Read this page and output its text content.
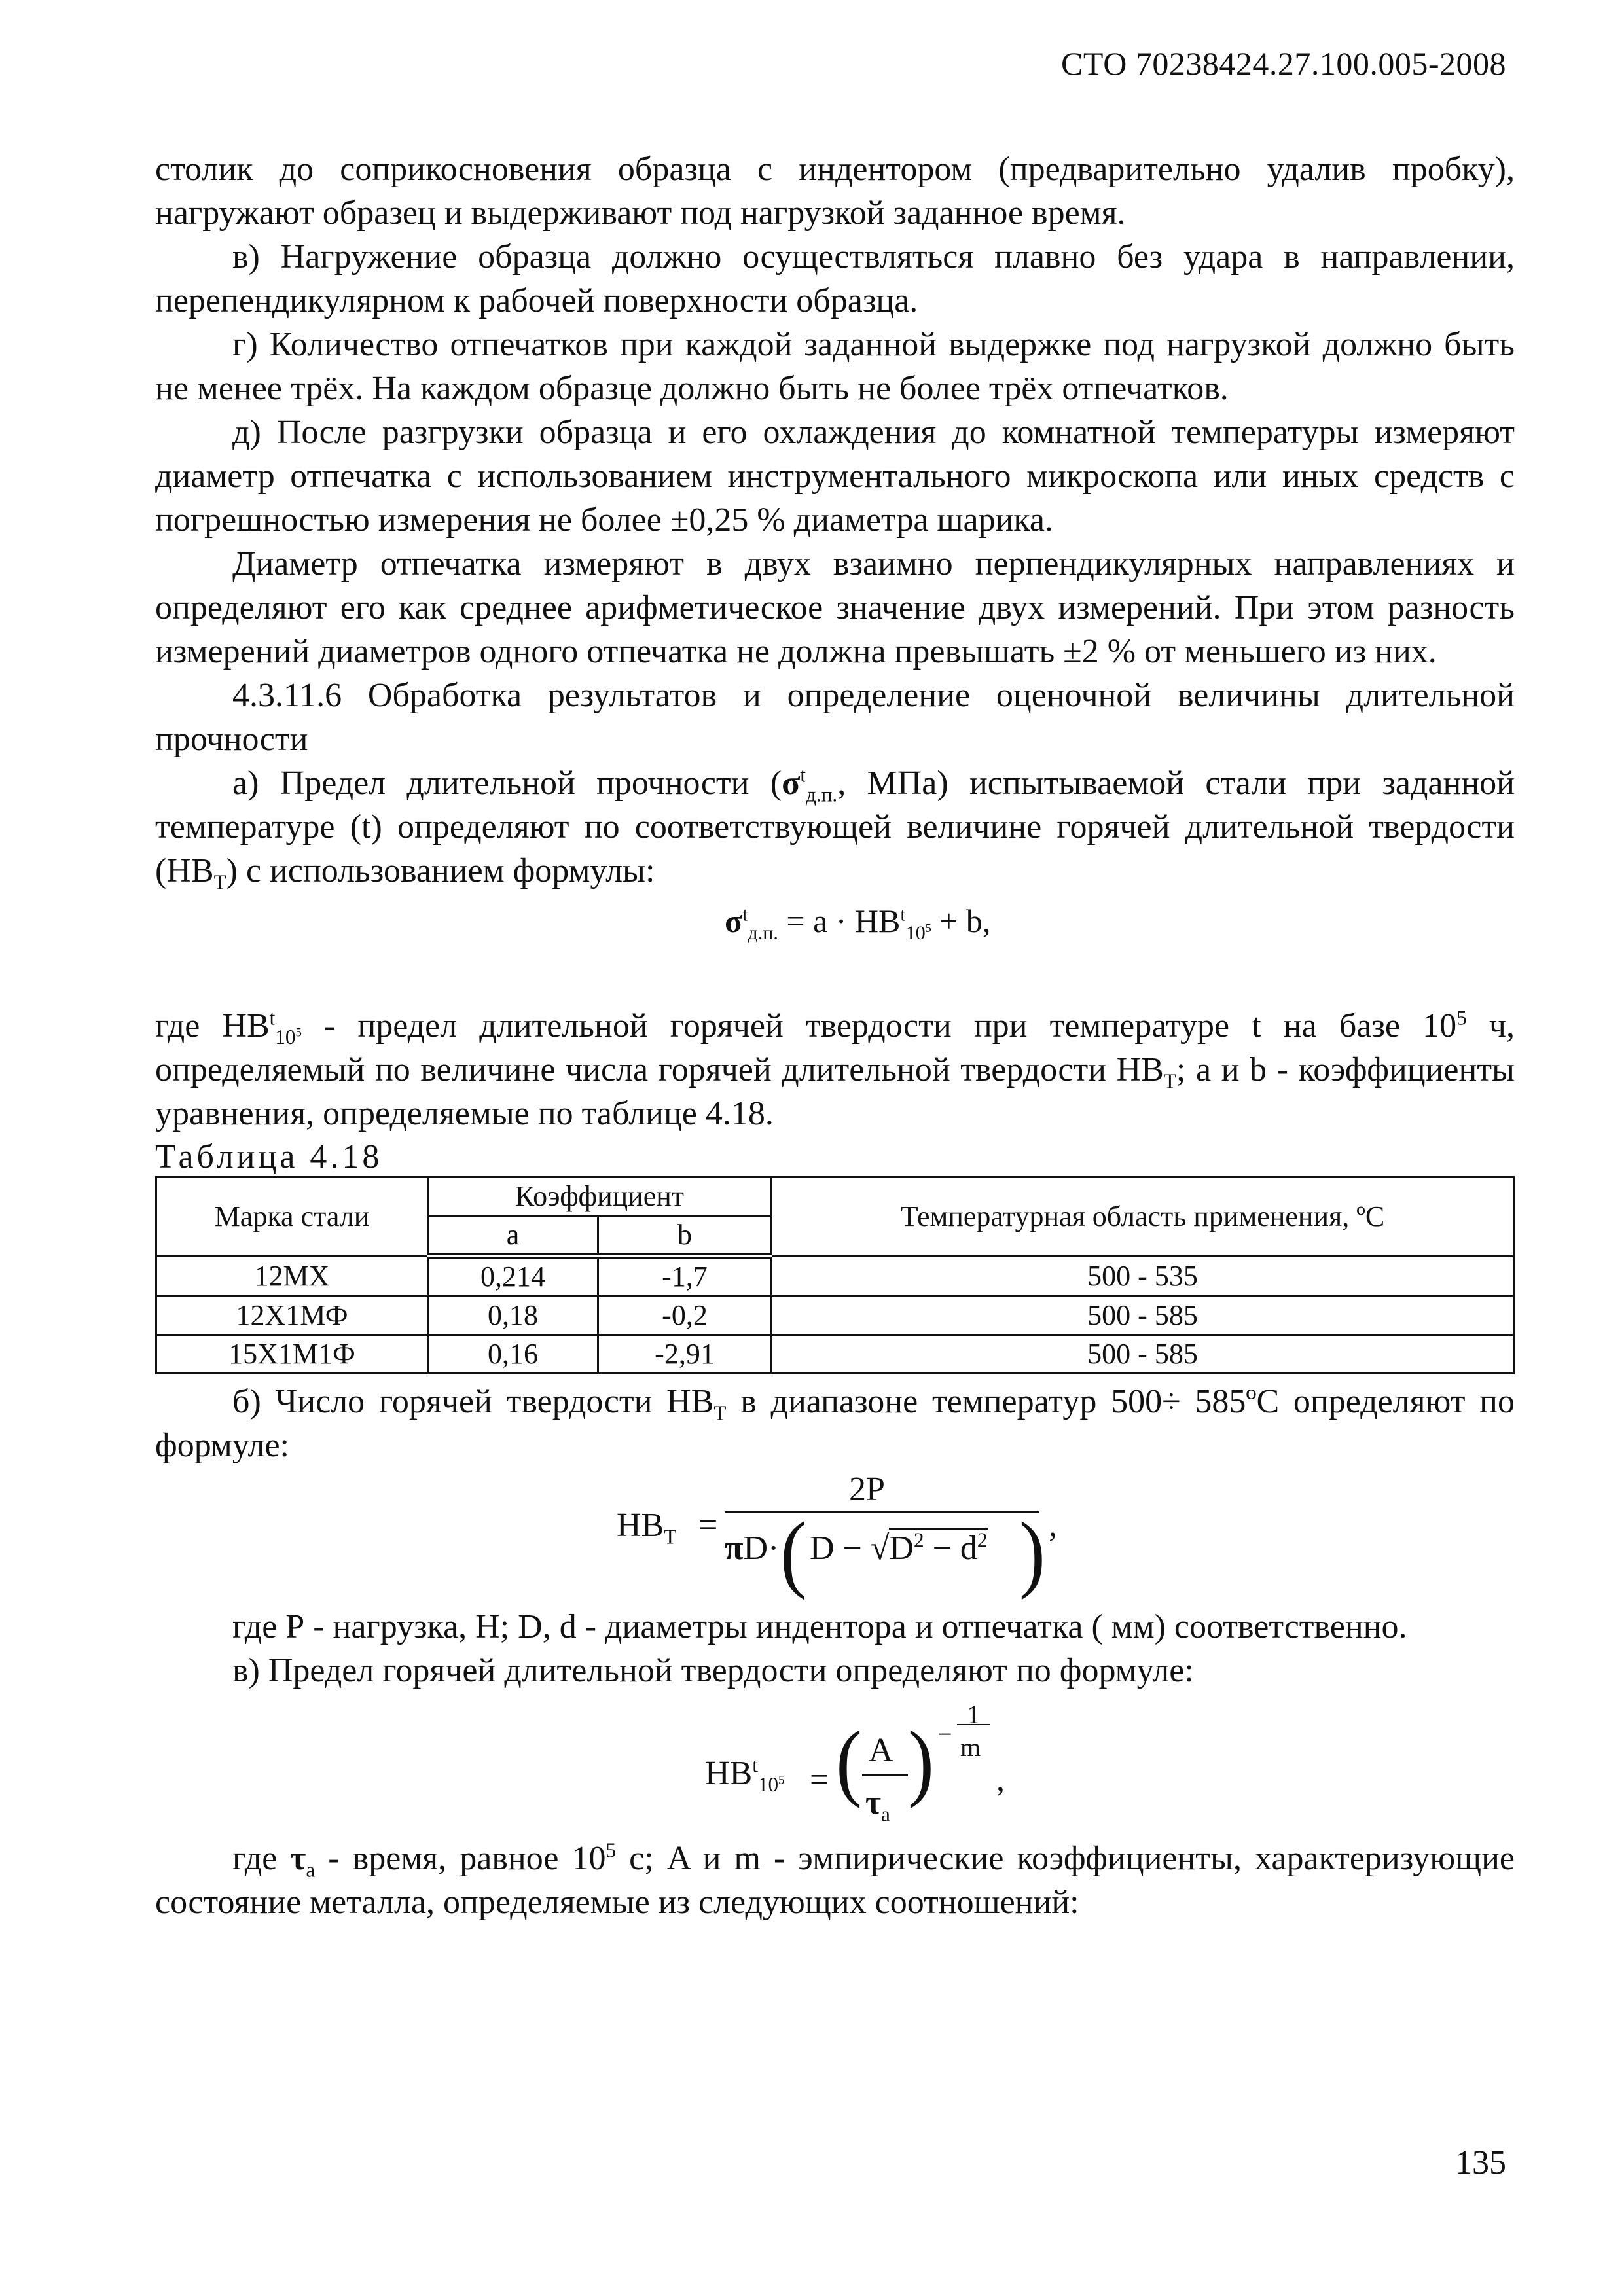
СТО 70238424.27.100.005-2008

столик до соприкосновения образца с индентором (предварительно удалив пробку), нагружают образец и выдерживают под нагрузкой заданное время.

в) Нагружение образца должно осуществляться плавно без удара в направлении, перепендикулярном к рабочей поверхности образца.

г) Количество отпечатков при каждой заданной выдержке под нагрузкой должно быть не менее трёх. На каждом образце должно быть не более трёх отпечатков.

д) После разгрузки образца и его охлаждения до комнатной температуры измеряют диаметр отпечатка с использованием инструментального микроскопа или иных средств с погрешностью измерения не более ±0,25 % диаметра шарика.

Диаметр отпечатка измеряют в двух взаимно перпендикулярных направлениях и определяют его как среднее арифметическое значение двух измерений. При этом разность измерений диаметров одного отпечатка не должна превышать ±2 % от меньшего из них.

4.3.11.6 Обработка результатов и определение оценочной величины длительной прочности

а) Предел длительной прочности ($\sigma^t_{д.п.}$, МПа) испытываемой стали при заданной температуре (t) определяют по соответствующей величине горячей длительной твердости $(HB_Т)$ с использованием формулы:

$\sigma^t_{д.п.} = a \cdot HB^t_{10^5} + b$,

где $HB^t_{10^5}$ - предел длительной горячей твердости при температуре t на базе $10^5$ ч, определяемый по величине числа горячей длительной твердости $HB_Т$; a и b - коэффициенты уравнения, определяемые по таблице 4.18.

Таблица 4.18
Марка стали	Коэффициент		Температурная область применения, ºС
	a	b	
12МХ	0,214	-1,7	500 - 535
12Х1МФ	0,18	-0,2	500 - 585
15Х1М1Ф	0,16	-2,91	500 - 585

б) Число горячей твердости $HB_Т$ в диапазоне температур 500÷ 585ºС определяют по формуле:

$HB_Т$ =
2P
πD· ( $D - √D^2 - d^2$ ) ,

где Р - нагрузка, Н; D, d - диаметры индентора и отпечатка ( мм) соответственно.

в) Предел горячей длительной твердости определяют по формуле:

$HB^t_{10^5}$ = ( A
$\tau_a$
) −
1
m
,

где $\tau_a$ - время, равное $10^5$ с; A и m - эмпирические коэффициенты, характеризующие состояние металла, определяемые из следующих соотношений:

135
